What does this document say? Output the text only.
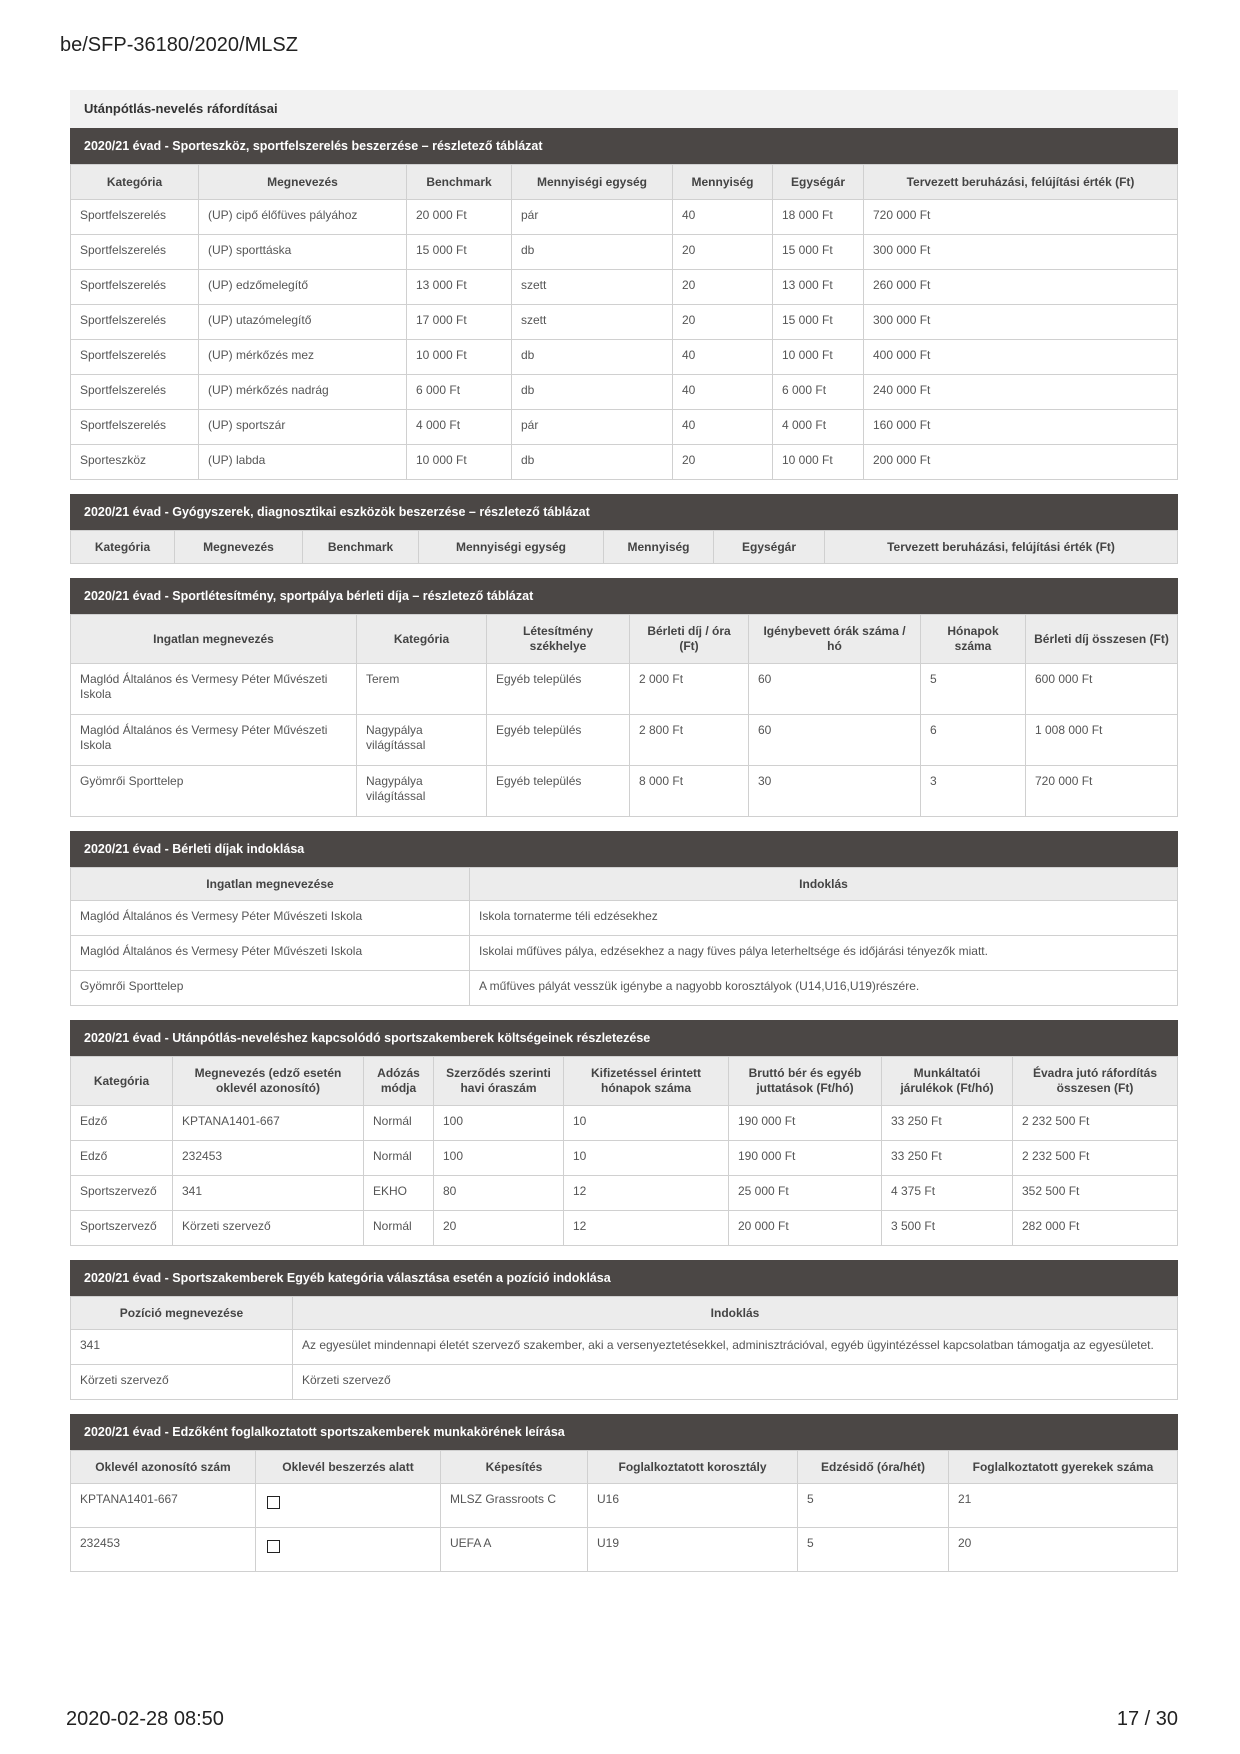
be/SFP-36180/2020/MLSZ
Utánpótlás-nevelés ráfordításai
2020/21 évad - Sporteszköz, sportfelszerelés beszerzése – részletező táblázat
Kategória	Megnevezés	Benchmark	Mennyiségi egység	Mennyiség	Egységár	Tervezett beruházási, felújítási érték (Ft)
Sportfelszerelés	(UP) cipő élőfüves pályához	20 000 Ft	pár	40	18 000 Ft	720 000 Ft
Sportfelszerelés	(UP) sporttáska	15 000 Ft	db	20	15 000 Ft	300 000 Ft
Sportfelszerelés	(UP) edzőmelegítő	13 000 Ft	szett	20	13 000 Ft	260 000 Ft
Sportfelszerelés	(UP) utazómelegítő	17 000 Ft	szett	20	15 000 Ft	300 000 Ft
Sportfelszerelés	(UP) mérkőzés mez	10 000 Ft	db	40	10 000 Ft	400 000 Ft
Sportfelszerelés	(UP) mérkőzés nadrág	6 000 Ft	db	40	6 000 Ft	240 000 Ft
Sportfelszerelés	(UP) sportszár	4 000 Ft	pár	40	4 000 Ft	160 000 Ft
Sporteszköz	(UP) labda	10 000 Ft	db	20	10 000 Ft	200 000 Ft
2020/21 évad - Gyógyszerek, diagnosztikai eszközök beszerzése – részletező táblázat
Kategória	Megnevezés	Benchmark	Mennyiségi egység	Mennyiség	Egységár	Tervezett beruházási, felújítási érték (Ft)
2020/21 évad - Sportlétesítmény, sportpálya bérleti díja – részletező táblázat
Ingatlan megnevezés	Kategória	Létesítmény székhelye	Bérleti díj / óra (Ft)	Igénybevett órák száma / hó	Hónapok száma	Bérleti díj összesen (Ft)
Maglód Általános és Vermesy Péter Művészeti Iskola	Terem	Egyéb település	2 000 Ft	60	5	600 000 Ft
Maglód Általános és Vermesy Péter Művészeti Iskola	Nagypálya világítással	Egyéb település	2 800 Ft	60	6	1 008 000 Ft
Gyömrői Sporttelep	Nagypálya világítással	Egyéb település	8 000 Ft	30	3	720 000 Ft
2020/21 évad - Bérleti díjak indoklása
Ingatlan megnevezése	Indoklás
Maglód Általános és Vermesy Péter Művészeti Iskola	Iskola tornaterme téli edzésekhez
Maglód Általános és Vermesy Péter Művészeti Iskola	Iskolai műfüves pálya, edzésekhez a nagy füves pálya leterheltsége és időjárási tényezők miatt.
Gyömrői Sporttelep	A műfüves pályát vesszük igénybe a nagyobb korosztályok (U14,U16,U19)részére.
2020/21 évad - Utánpótlás-neveléshez kapcsolódó sportszakemberek költségeinek részletezése
Kategória	Megnevezés (edző esetén oklevél azonosító)	Adózás módja	Szerződés szerinti havi óraszám	Kifizetéssel érintett hónapok száma	Bruttó bér és egyéb juttatások (Ft/hó)	Munkáltatói járulékok (Ft/hó)	Évadra jutó ráfordítás összesen (Ft)
Edző	KPTANA1401-667	Normál	100	10	190 000 Ft	33 250 Ft	2 232 500 Ft
Edző	232453	Normál	100	10	190 000 Ft	33 250 Ft	2 232 500 Ft
Sportszervező	341	EKHO	80	12	25 000 Ft	4 375 Ft	352 500 Ft
Sportszervező	Körzeti szervező	Normál	20	12	20 000 Ft	3 500 Ft	282 000 Ft
2020/21 évad - Sportszakemberek Egyéb kategória választása esetén a pozíció indoklása
Pozíció megnevezése	Indoklás
341	Az egyesület mindennapi életét szervező szakember, aki a versenyeztetésekkel, adminisztrációval, egyéb ügyintézéssel kapcsolatban támogatja az egyesületet.
Körzeti szervező	Körzeti szervező
2020/21 évad - Edzőként foglalkoztatott sportszakemberek munkakörének leírása
Oklevél azonosító szám	Oklevél beszerzés alatt	Képesítés	Foglalkoztatott korosztály	Edzésidő (óra/hét)	Foglalkoztatott gyerekek száma
KPTANA1401-667		MLSZ Grassroots C	U16	5	21
232453		UEFA A	U19	5	20
2020-02-28 08:50	17 / 30
